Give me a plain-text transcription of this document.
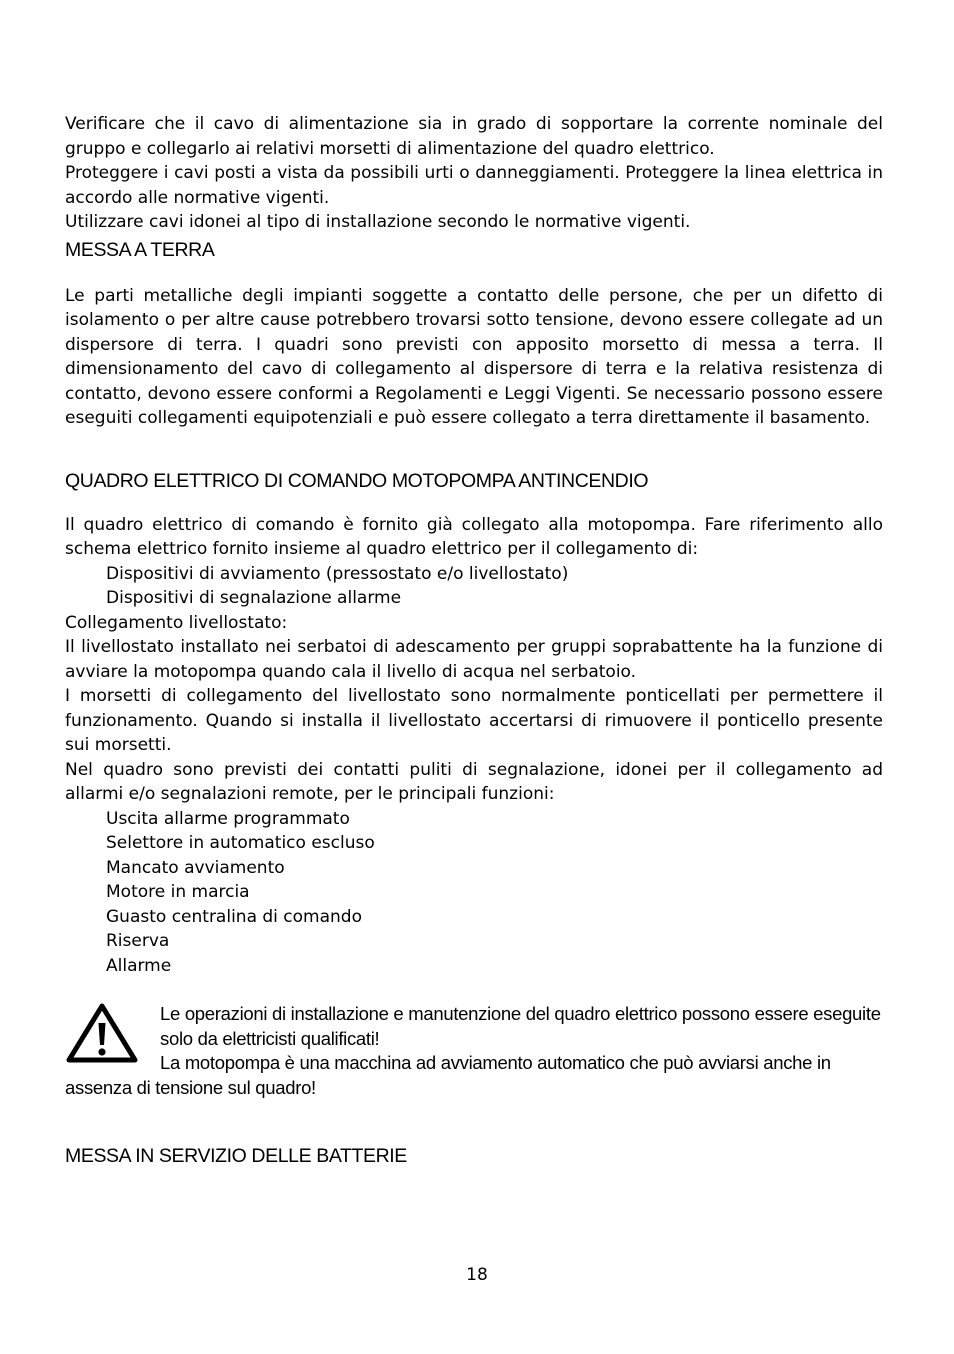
Verificare che il cavo di alimentazione sia in grado di sopportare la corrente nominale del gruppo e collegarlo ai relativi morsetti di alimentazione del quadro elettrico.

Proteggere i cavi posti a vista da possibili urti o danneggiamenti. Proteggere la linea elettrica in accordo alle normative vigenti.

Utilizzare cavi idonei al tipo di installazione secondo le normative vigenti.

MESSA A TERRA

Le parti metalliche degli impianti soggette a contatto delle persone, che per un difetto di isolamento o per altre cause potrebbero trovarsi sotto tensione, devono essere collegate ad un dispersore di terra. I quadri sono previsti con apposito morsetto di messa a terra. Il dimensionamento del cavo di collegamento al dispersore di terra e la relativa resistenza di contatto, devono essere conformi a Regolamenti e Leggi Vigenti. Se necessario possono essere eseguiti collegamenti equipotenziali e può essere collegato a terra direttamente il basamento.

QUADRO ELETTRICO DI COMANDO MOTOPOMPA ANTINCENDIO

Il quadro elettrico di comando è fornito già collegato alla motopompa. Fare riferimento allo schema elettrico fornito insieme al quadro elettrico per il collegamento di:

Dispositivi di avviamento (pressostato e/o livellostato)
Dispositivi di segnalazione allarme

Collegamento livellostato:

Il livellostato installato nei serbatoi di adescamento per gruppi soprabattente ha la funzione di avviare la motopompa quando cala il livello di acqua nel serbatoio.

I morsetti di collegamento del livellostato sono normalmente ponticellati per permettere il funzionamento. Quando si installa il livellostato accertarsi di rimuovere il ponticello presente sui morsetti.

Nel quadro sono previsti dei contatti puliti di segnalazione, idonei per il collegamento ad allarmi e/o segnalazioni remote, per le principali funzioni:

Uscita allarme programmato
Selettore in automatico escluso
Mancato avviamento
Motore in marcia
Guasto centralina di comando
Riserva
Allarme

Le operazioni di installazione e manutenzione del quadro elettrico possono essere eseguite solo da elettricisti qualificati!

La motopompa è una macchina ad avviamento automatico che può avviarsi anche in assenza di tensione sul quadro!

MESSA IN SERVIZIO DELLE BATTERIE
18
